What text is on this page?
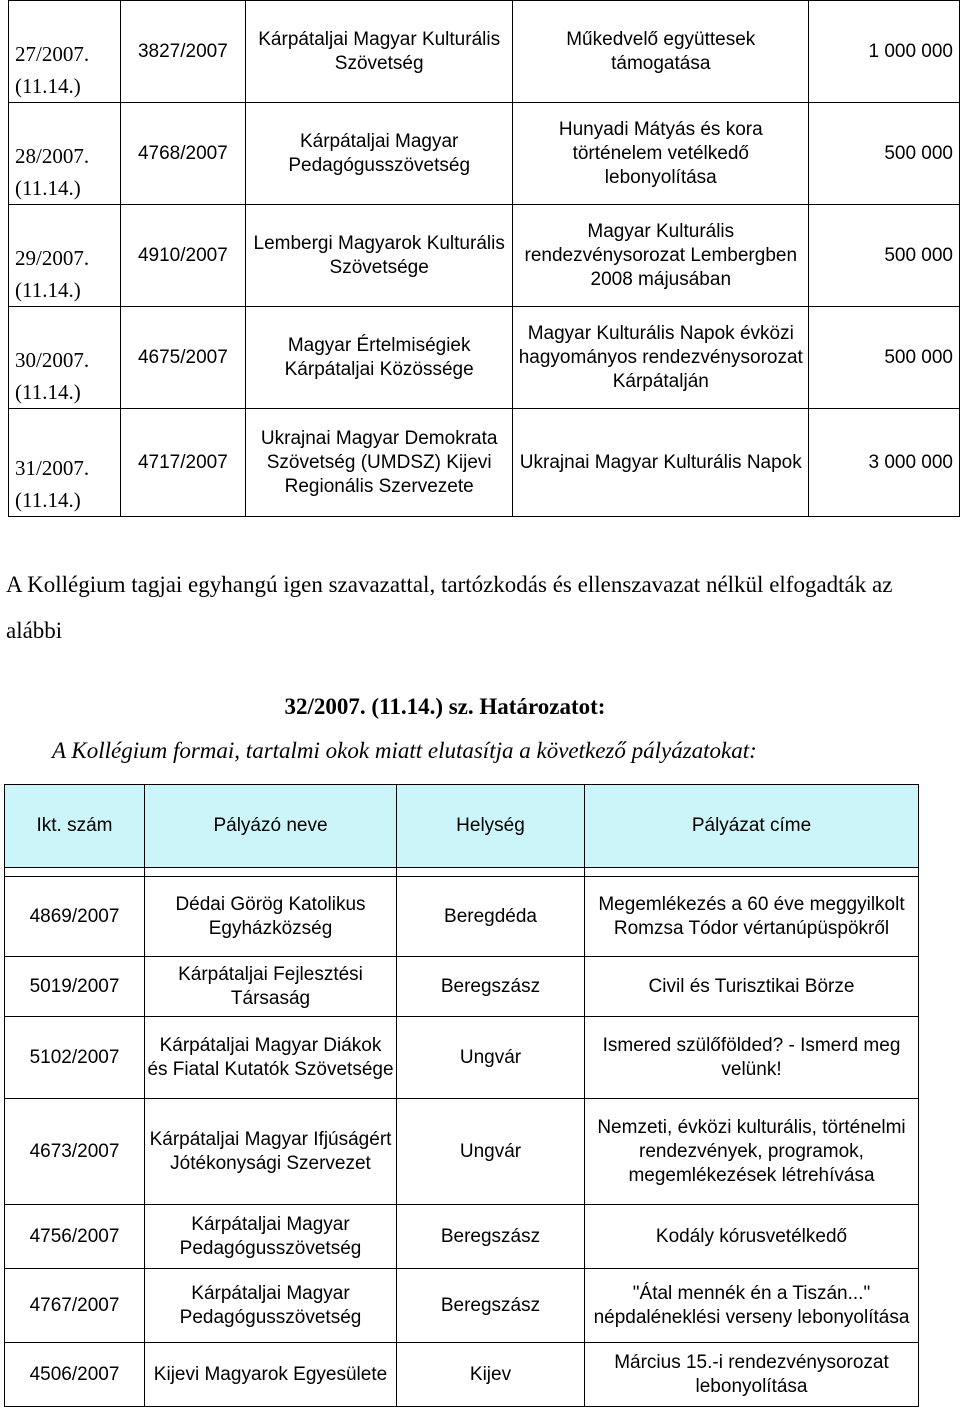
27/2007. (11.14.)	3827/2007	Kárpátaljai Magyar Kulturális Szövetség	Műkedvelő együttesek támogatása	1 000 000
28/2007. (11.14.)	4768/2007	Kárpátaljai Magyar Pedagógusszövetség	Hunyadi Mátyás és kora történelem vetélkedő lebonyolítása	500 000
29/2007. (11.14.)	4910/2007	Lembergi Magyarok Kulturális Szövetsége	Magyar Kulturális rendezvénysorozat Lembergben 2008 májusában	500 000
30/2007. (11.14.)	4675/2007	Magyar Értelmiségiek Kárpátaljai Közössége	Magyar Kulturális Napok évközi hagyományos rendezvénysorozat Kárpátalján	500 000
31/2007. (11.14.)	4717/2007	Ukrajnai Magyar Demokrata Szövetség (UMDSZ) Kijevi Regionális Szervezete	Ukrajnai Magyar Kulturális Napok	3 000 000
A Kollégium tagjai egyhangú igen szavazattal, tartózkodás és ellenszavazat nélkül elfogadták az alábbi
32/2007. (11.14.) sz. Határozatot:
A Kollégium formai, tartalmi okok miatt elutasítja a következő pályázatokat:
Ikt. szám	Pályázó neve	Helység	Pályázat címe

4869/2007	Dédai Görög Katolikus Egyházközség	Beregdéda	Megemlékezés a 60 éve meggyilkolt Romzsa Tódor vértanúpüspökről
5019/2007	Kárpátaljai Fejlesztési Társaság	Beregszász	Civil és Turisztikai Börze
5102/2007	Kárpátaljai Magyar Diákok és Fiatal Kutatók Szövetsége	Ungvár	Ismered szülőfölded? - Ismerd meg velünk!
4673/2007	Kárpátaljai Magyar Ifjúságért Jótékonysági Szervezet	Ungvár	Nemzeti, évközi kulturális, történelmi rendezvények, programok, megemlékezések létrehívása
4756/2007	Kárpátaljai Magyar Pedagógusszövetség	Beregszász	Kodály kórusvetélkedő
4767/2007	Kárpátaljai Magyar Pedagógusszövetség	Beregszász	"Átal mennék én a Tiszán..." népdaléneklési verseny lebonyolítása
4506/2007	Kijevi Magyarok Egyesülete	Kijev	Március 15.-i rendezvénysorozat lebonyolítása
